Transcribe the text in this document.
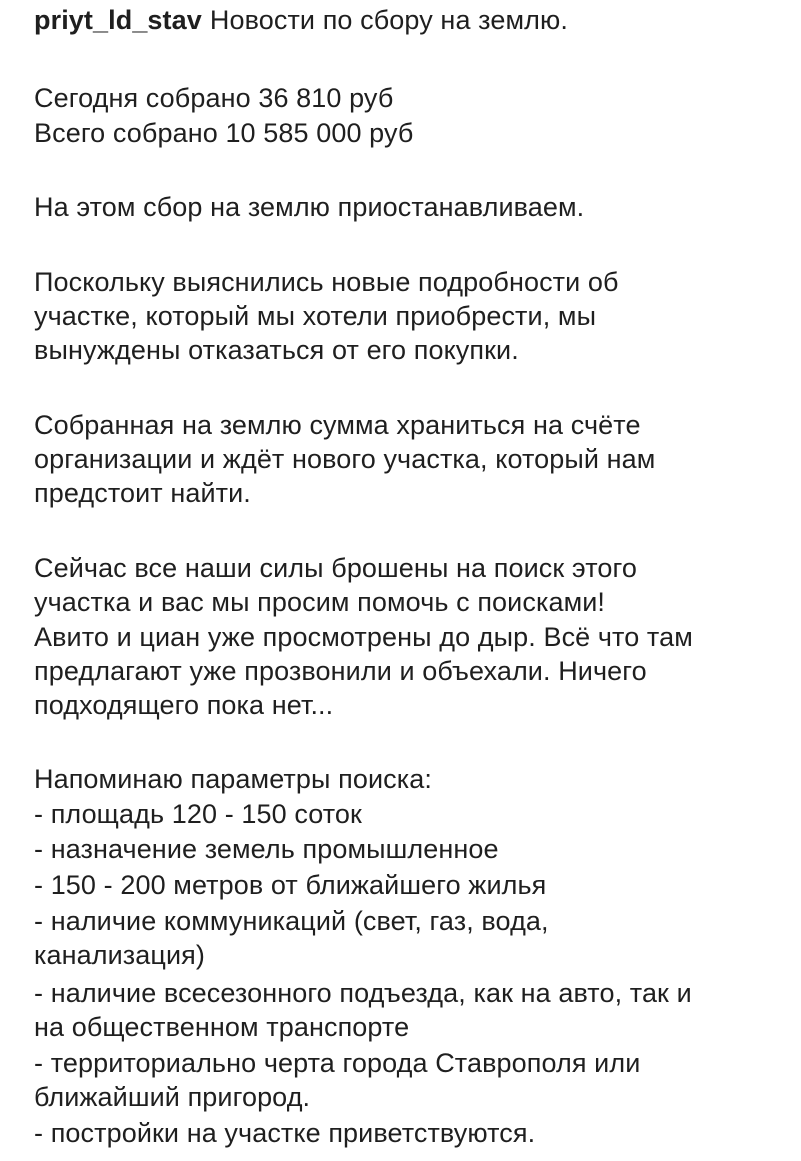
priyt_ld_stav Новости по сбору на землю.
Сегодня собрано 36 810 руб
Всего собрано 10 585 000 руб
На этом сбор на землю приостанавливаем.
Поскольку выяснились новые подробности об
участке, который мы хотели приобрести, мы
вынуждены отказаться от его покупки.
Собранная на землю сумма храниться на счёте
организации и ждёт нового участка, который нам
предстоит найти.
Сейчас все наши силы брошены на поиск этого
участка и вас мы просим помочь с поисками!
Авито и циан уже просмотрены до дыр. Всё что там
предлагают уже прозвонили и объехали. Ничего
подходящего пока нет...
Напоминаю параметры поиска:
- площадь 120 - 150 соток
- назначение земель промышленное
- 150 - 200 метров от ближайшего жилья
- наличие коммуникаций (свет, газ, вода,
канализация)
- наличие всесезонного подъезда, как на авто, так и
на общественном транспорте
- территориально черта города Ставрополя или
ближайший пригород.
- постройки на участке приветствуются.
